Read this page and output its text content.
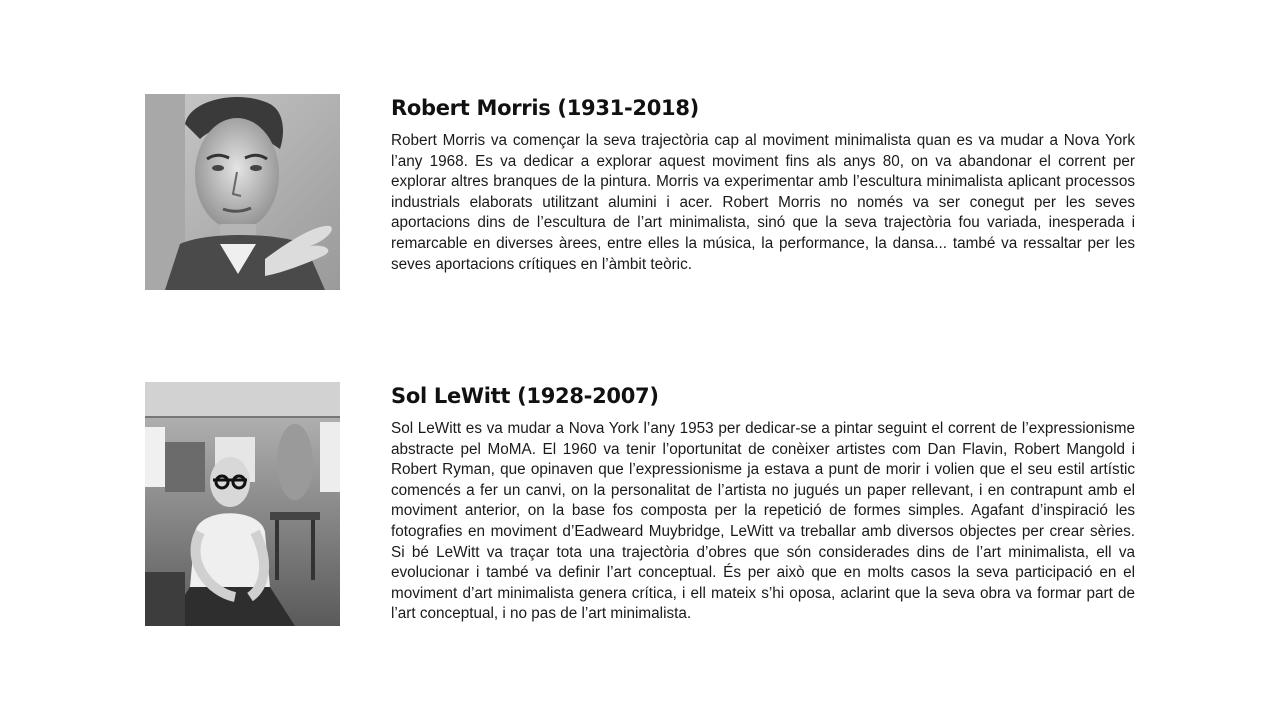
Robert Morris (1931-2018)

Robert Morris va començar la seva trajectòria cap al moviment minimalista quan es va mudar a Nova York l’any 1968. Es va dedicar a explorar aquest moviment fins als anys 80, on va abandonar el corrent per explorar altres branques de la pintura. Morris va experimentar amb l’escultura minimalista aplicant processos industrials elaborats utilitzant alumini i acer. Robert Morris no només va ser conegut per les seves aportacions dins de l’escultura de l’art minimalista, sinó que la seva trajectòria fou variada, inesperada i remarcable en diverses àrees, entre elles la música, la performance, la dansa... també va ressaltar per les seves aportacions crítiques en l’àmbit teòric.

Sol LeWitt (1928-2007)

Sol LeWitt es va mudar a Nova York l’any 1953 per dedicar-se a pintar seguint el corrent de l’expressionisme abstracte pel MoMA. El 1960 va tenir l’oportunitat de conèixer artistes com Dan Flavin, Robert Mangold i Robert Ryman, que opinaven que l’expressionisme ja estava a punt de morir i volien que el seu estil artístic comencés a fer un canvi, on la personalitat de l’artista no jugués un paper rellevant, i en contrapunt amb el moviment anterior, on la base fos composta per la repetició de formes simples. Agafant d’inspiració les fotografies en moviment d’Eadweard Muybridge, LeWitt va treballar amb diversos objectes per crear sèries. Si bé LeWitt va traçar tota una trajectòria d’obres que són considerades dins de l’art minimalista, ell va evolucionar i també va definir l’art conceptual. És per això que en molts casos la seva participació en el moviment d’art minimalista genera crítica, i ell mateix s’hi oposa, aclarint que la seva obra va formar part de l’art conceptual, i no pas de l’art minimalista.
